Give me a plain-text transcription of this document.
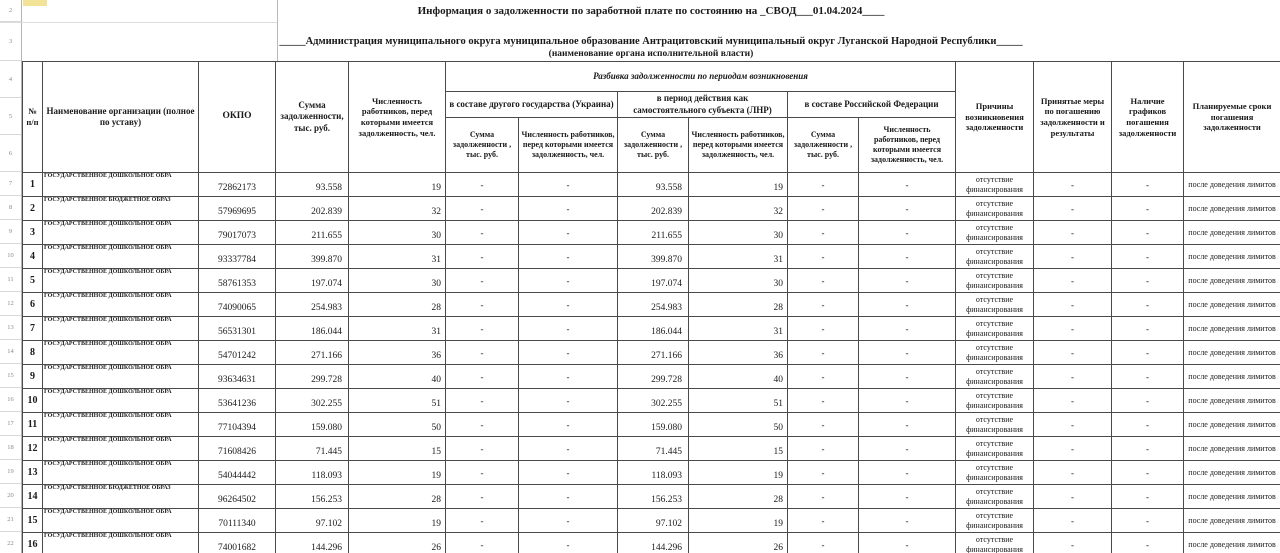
2
3
4
5
6
7
8
9
10
11
12
13
14
15
16
17
18
19
20
21
22
Информация о задолженности по заработной плате по состоянию на _СВОД___01.04.2024____
_____Администрация муниципального округа муниципальное образование Антрацитовский муниципальный округ Луганской Народной Республики_____
(наименование органа исполнительной власти)
№ п/п	Наименование организации (полное по уставу)	ОКПО	Сумма задолженности, тыс. руб.	Численность работников, перед которыми имеется задолженность, чел.	Разбивка задолженности по периодам возникновения						Причины возникновения задолженности	Принятые меры по погашению задолженности и результаты	Наличие графиков погашения задолженности	Планируемые сроки погашения задолженности
					в составе другого государства (Украина)		в период действия как самостоятельного субъекта (ЛНР)		в составе Российской Федерации					
					Сумма задолженности , тыс. руб.	Численность работников, перед которыми имеется задолженность, чел.	Сумма задолженности , тыс. руб.	Численность работников, перед которыми имеется задолженность, чел.	Сумма задолженности , тыс. руб.	Численность работников, перед которыми имеется задолженность, чел.				
1	ГОСУДАРСТВЕННОЕ ДОШКОЛЬНОЕ ОБРА	72862173	93.558	19	-	-	93.558	19	-	-	отсутствие финансирования	-	-	после доведения лимитов
2	ГОСУДАРСТВЕННОЕ БЮДЖЕТНОЕ ОБРАЗ	57969695	202.839	32	-	-	202.839	32	-	-	отсутствие финансирования	-	-	после доведения лимитов
3	ГОСУДАРСТВЕННОЕ ДОШКОЛЬНОЕ ОБРА	79017073	211.655	30	-	-	211.655	30	-	-	отсутствие финансирования	-	-	после доведения лимитов
4	ГОСУДАРСТВЕННОЕ ДОШКОЛЬНОЕ ОБРА	93337784	399.870	31	-	-	399.870	31	-	-	отсутствие финансирования	-	-	после доведения лимитов
5	ГОСУДАРСТВЕННОЕ ДОШКОЛЬНОЕ ОБРА	58761353	197.074	30	-	-	197.074	30	-	-	отсутствие финансирования	-	-	после доведения лимитов
6	ГОСУДАРСТВЕННОЕ ДОШКОЛЬНОЕ ОБРА	74090065	254.983	28	-	-	254.983	28	-	-	отсутствие финансирования	-	-	после доведения лимитов
7	ГОСУДАРСТВЕННОЕ ДОШКОЛЬНОЕ ОБРА	56531301	186.044	31	-	-	186.044	31	-	-	отсутствие финансирования	-	-	после доведения лимитов
8	ГОСУДАРСТВЕННОЕ ДОШКОЛЬНОЕ ОБРА	54701242	271.166	36	-	-	271.166	36	-	-	отсутствие финансирования	-	-	после доведения лимитов
9	ГОСУДАРСТВЕННОЕ ДОШКОЛЬНОЕ ОБРА	93634631	299.728	40	-	-	299.728	40	-	-	отсутствие финансирования	-	-	после доведения лимитов
10	ГОСУДАРСТВЕННОЕ ДОШКОЛЬНОЕ ОБРА	53641236	302.255	51	-	-	302.255	51	-	-	отсутствие финансирования	-	-	после доведения лимитов
11	ГОСУДАРСТВЕННОЕ ДОШКОЛЬНОЕ ОБРА	77104394	159.080	50	-	-	159.080	50	-	-	отсутствие финансирования	-	-	после доведения лимитов
12	ГОСУДАРСТВЕННОЕ ДОШКОЛЬНОЕ ОБРА	71608426	71.445	15	-	-	71.445	15	-	-	отсутствие финансирования	-	-	после доведения лимитов
13	ГОСУДАРСТВЕННОЕ ДОШКОЛЬНОЕ ОБРА	54044442	118.093	19	-	-	118.093	19	-	-	отсутствие финансирования	-	-	после доведения лимитов
14	ГОСУДАРСТВЕННОЕ БЮДЖЕТНОЕ ОБРАЗ	96264502	156.253	28	-	-	156.253	28	-	-	отсутствие финансирования	-	-	после доведения лимитов
15	ГОСУДАРСТВЕННОЕ ДОШКОЛЬНОЕ ОБРА	70111340	97.102	19	-	-	97.102	19	-	-	отсутствие финансирования	-	-	после доведения лимитов
16	ГОСУДАРСТВЕННОЕ ДОШКОЛЬНОЕ ОБРА	74001682	144.296	26	-	-	144.296	26	-	-	отсутствие финансирования	-	-	после доведения лимитов
